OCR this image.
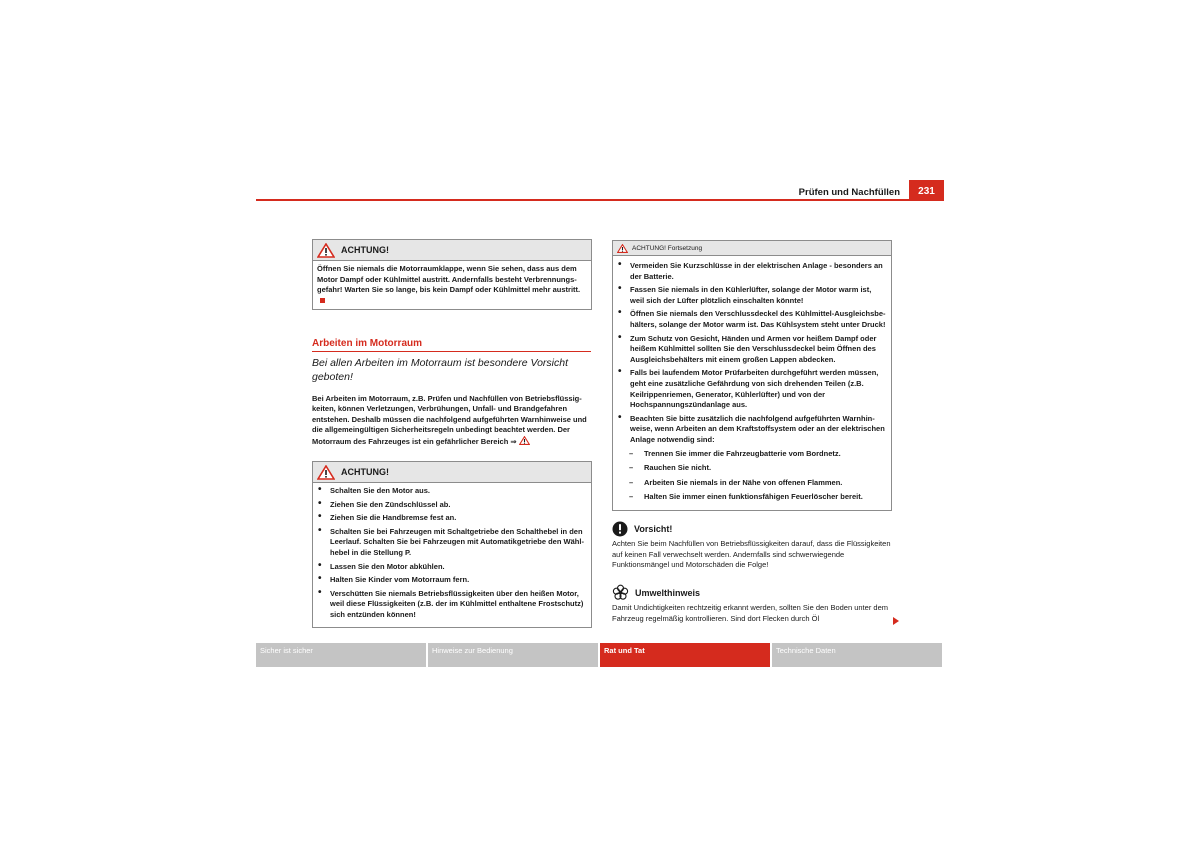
Prüfen und Nachfüllen	231
ACHTUNG!
Öffnen Sie niemals die Motorraumklappe, wenn Sie sehen, dass aus dem Motor Dampf oder Kühlmittel austritt. Andernfalls besteht Verbrennungsgefahr! Warten Sie so lange, bis kein Dampf oder Kühlmittel mehr austritt.
Arbeiten im Motorraum
Bei allen Arbeiten im Motorraum ist besondere Vorsicht geboten!
Bei Arbeiten im Motorraum, z.B. Prüfen und Nachfüllen von Betriebsflüssigkeiten, können Verletzungen, Verbrühungen, Unfall- und Brandgefahren entstehen. Deshalb müssen die nachfolgend aufgeführten Warnhinweise und die allgemeingültigen Sicherheitsregeln unbedingt beachtet werden. Der Motorraum des Fahrzeuges ist ein gefährlicher Bereich ⇒
ACHTUNG!
• Schalten Sie den Motor aus.
• Ziehen Sie den Zündschlüssel ab.
• Ziehen Sie die Handbremse fest an.
• Schalten Sie bei Fahrzeugen mit Schaltgetriebe den Schalthebel in den Leerlauf. Schalten Sie bei Fahrzeugen mit Automatikgetriebe den Wählhebel in die Stellung P.
• Lassen Sie den Motor abkühlen.
• Halten Sie Kinder vom Motorraum fern.
• Verschütten Sie niemals Betriebsflüssigkeiten über den heißen Motor, weil diese Flüssigkeiten (z.B. der im Kühlmittel enthaltene Frostschutz) sich entzünden können!
ACHTUNG! Fortsetzung
• Vermeiden Sie Kurzschlüsse in der elektrischen Anlage - besonders an der Batterie.
• Fassen Sie niemals in den Kühlerlüfter, solange der Motor warm ist, weil sich der Lüfter plötzlich einschalten könnte!
• Öffnen Sie niemals den Verschlussdeckel des Kühlmittel-Ausgleichsbehälters, solange der Motor warm ist. Das Kühlsystem steht unter Druck!
• Zum Schutz von Gesicht, Händen und Armen vor heißem Dampf oder heißem Kühlmittel sollten Sie den Verschlussdeckel beim Öffnen des Ausgleichsbehälters mit einem großen Lappen abdecken.
• Falls bei laufendem Motor Prüfarbeiten durchgeführt werden müssen, geht eine zusätzliche Gefährdung von sich drehenden Teilen (z.B. Keilrippenriemen, Generator, Kühlerlüfter) und von der Hochspannungszündanlage aus.
• Beachten Sie bitte zusätzlich die nachfolgend aufgeführten Warnhinweise, wenn Arbeiten an dem Kraftstoffsystem oder an der elektrischen Anlage notwendig sind:
– Trennen Sie immer die Fahrzeugbatterie vom Bordnetz.
– Rauchen Sie nicht.
– Arbeiten Sie niemals in der Nähe von offenen Flammen.
– Halten Sie immer einen funktionsfähigen Feuerlöscher bereit.
Vorsicht!
Achten Sie beim Nachfüllen von Betriebsflüssigkeiten darauf, dass die Flüssigkeiten auf keinen Fall verwechselt werden. Andernfalls sind schwerwiegende Funktionsmängel und Motorschäden die Folge!
Umwelthinweis
Damit Undichtigkeiten rechtzeitig erkannt werden, sollten Sie den Boden unter dem Fahrzeug regelmäßig kontrollieren. Sind dort Flecken durch Öl
Sicher ist sicher	Hinweise zur Bedienung	Rat und Tat	Technische Daten
